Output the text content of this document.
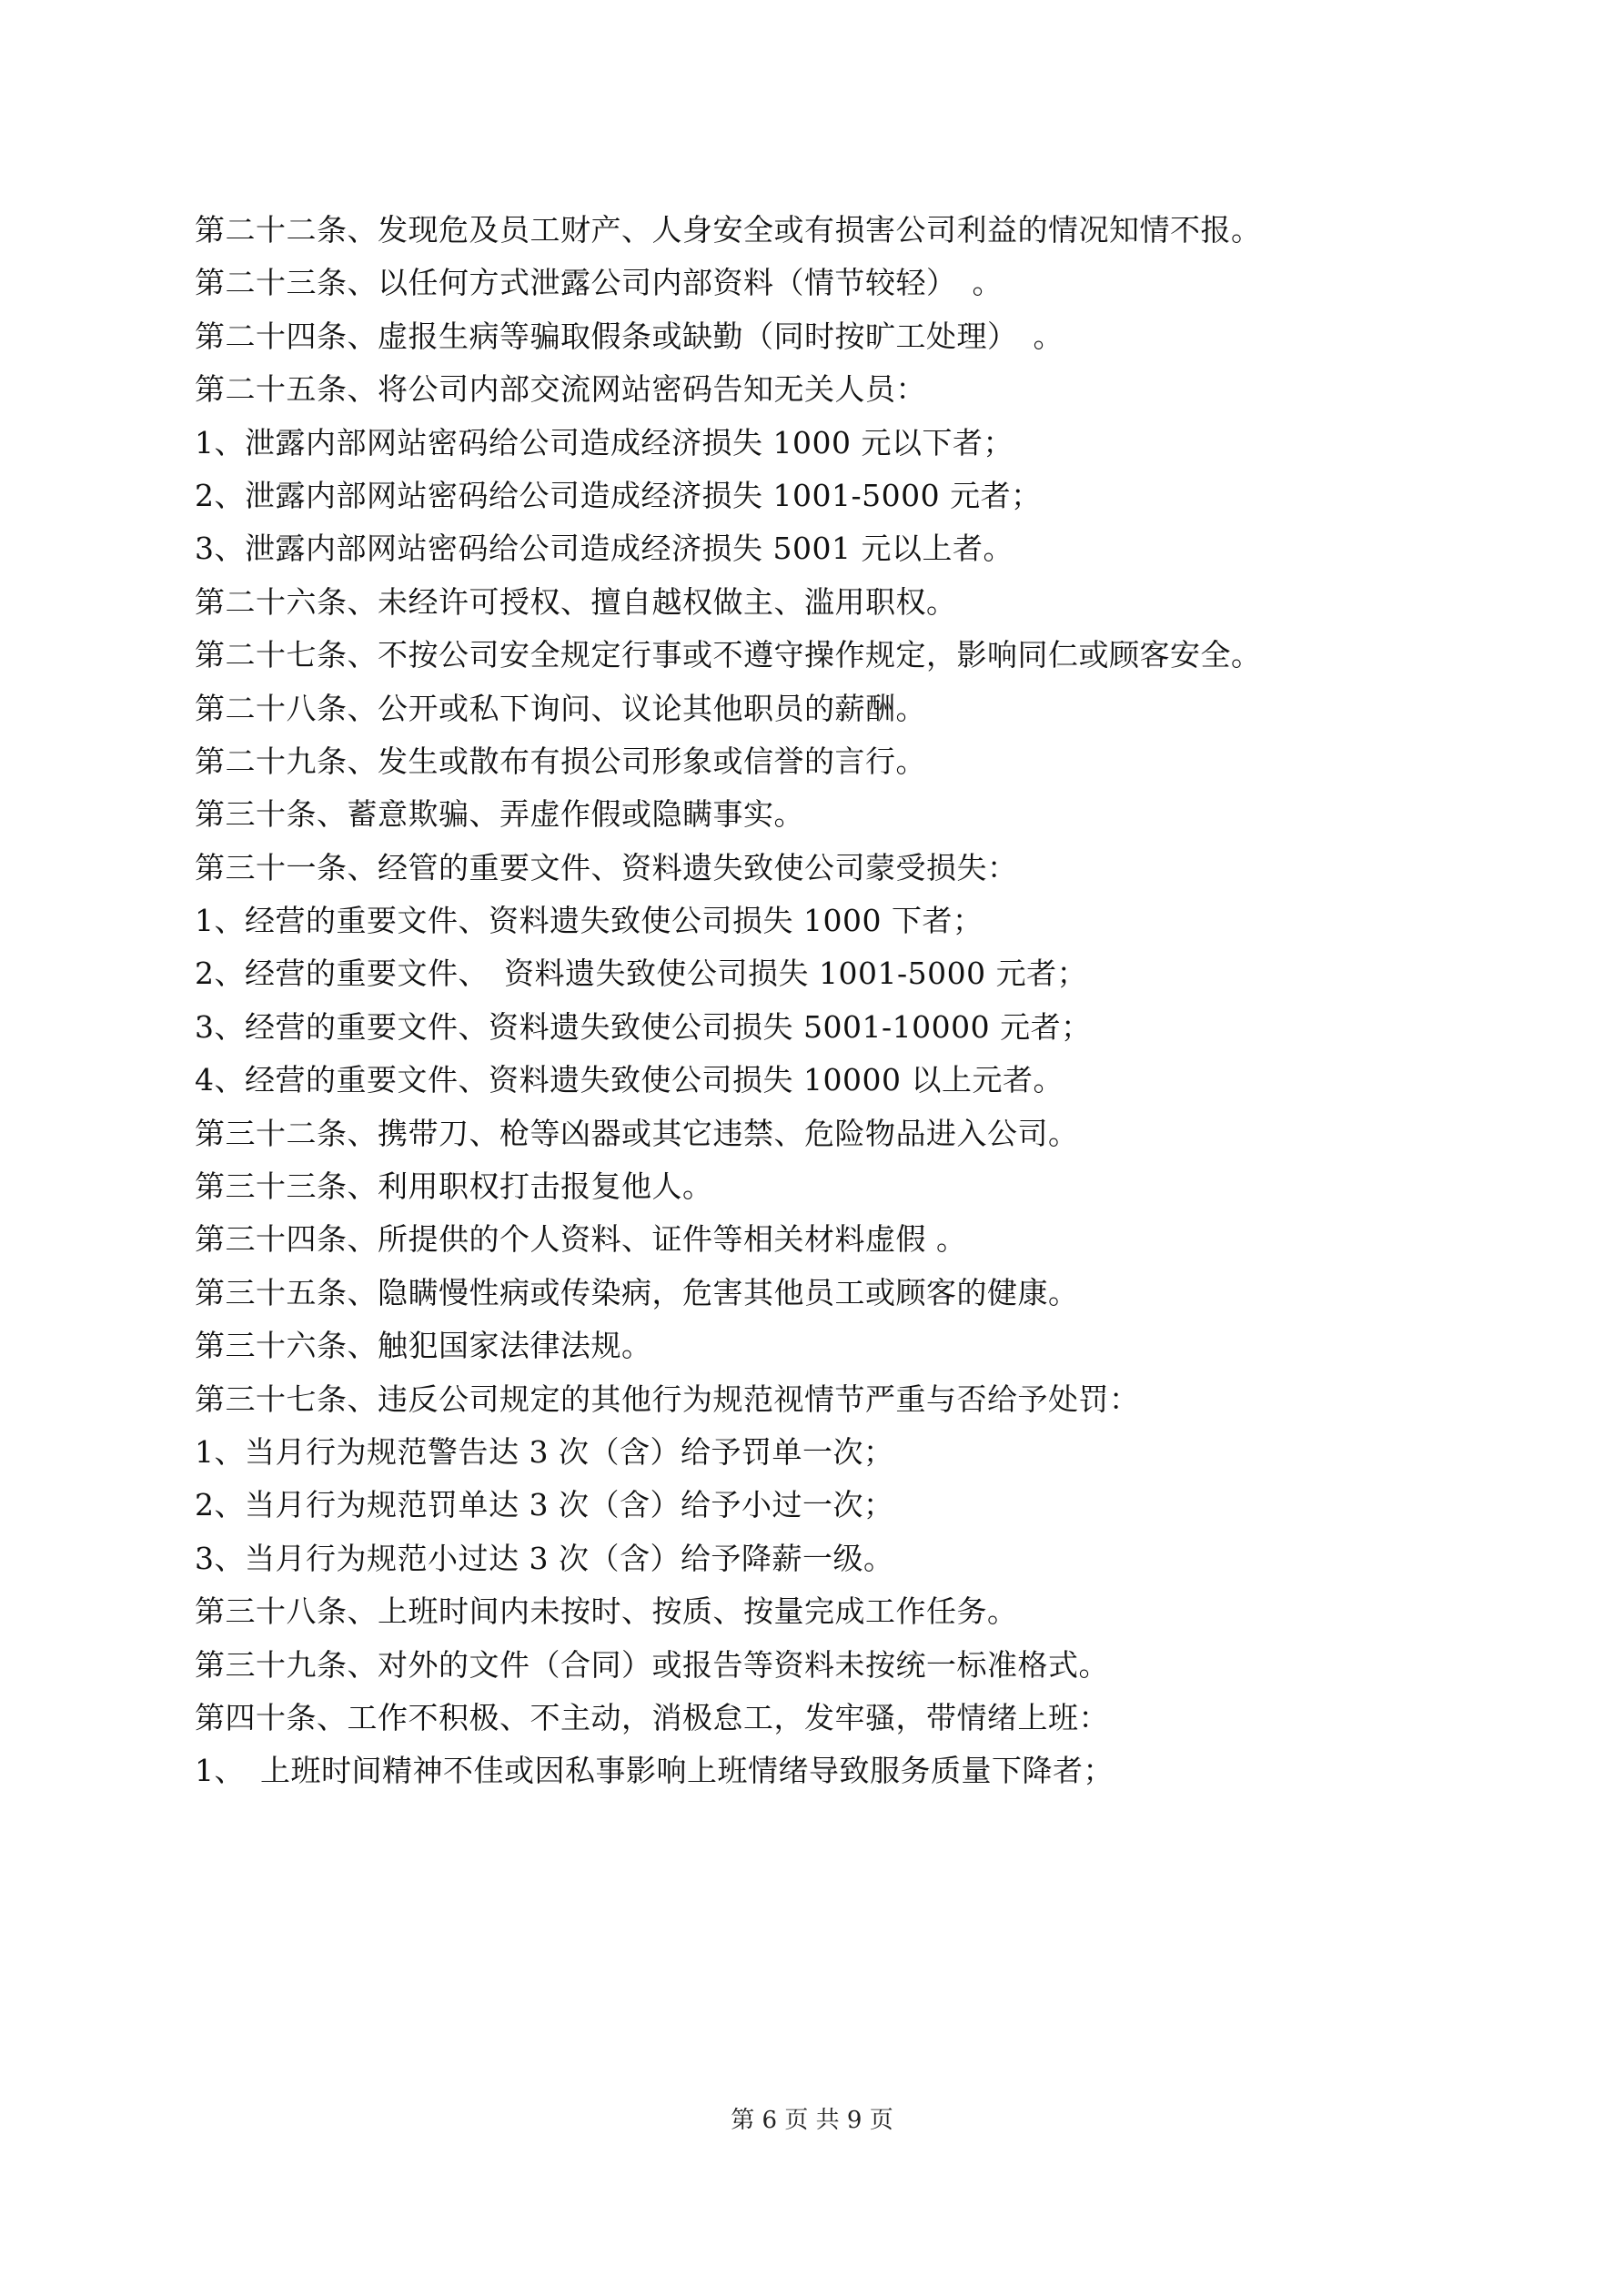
第二十二条、发现危及员工财产、人身安全或有损害公司利益的情况知情不报。
第二十三条、以任何方式泄露公司内部资料（情节较轻）　。
第二十四条、虚报生病等骗取假条或缺勤（同时按旷工处理）　。
第二十五条、将公司内部交流网站密码告知无关人员：
1、泄露内部网站密码给公司造成经济损失 1000 元以下者；
2、泄露内部网站密码给公司造成经济损失 1001-5000 元者；
3、泄露内部网站密码给公司造成经济损失 5001 元以上者。
第二十六条、未经许可授权、擅自越权做主、滥用职权。
第二十七条、不按公司安全规定行事或不遵守操作规定，影响同仁或顾客安全。
第二十八条、公开或私下询问、议论其他职员的薪酬。
第二十九条、发生或散布有损公司形象或信誉的言行。
第三十条、蓄意欺骗、弄虚作假或隐瞒事实。
第三十一条、经管的重要文件、资料遗失致使公司蒙受损失：
1、经营的重要文件、资料遗失致使公司损失 1000 下者；
2、经营的重要文件、　资料遗失致使公司损失 1001-5000 元者；
3、经营的重要文件、资料遗失致使公司损失 5001-10000 元者；
4、经营的重要文件、资料遗失致使公司损失 10000 以上元者。
第三十二条、携带刀、枪等凶器或其它违禁、危险物品进入公司。
第三十三条、利用职权打击报复他人。
第三十四条、所提供的个人资料、证件等相关材料虚假 。
第三十五条、隐瞒慢性病或传染病，危害其他员工或顾客的健康。
第三十六条、触犯国家法律法规。
第三十七条、违反公司规定的其他行为规范视情节严重与否给予处罚：
1、当月行为规范警告达 3 次（含）给予罚单一次；
2、当月行为规范罚单达 3 次（含）给予小过一次；
3、当月行为规范小过达 3 次（含）给予降薪一级。
第三十八条、上班时间内未按时、按质、按量完成工作任务。
第三十九条、对外的文件（合同）或报告等资料未按统一标准格式。
第四十条、工作不积极、不主动，消极怠工，发牢骚，带情绪上班：
1、　上班时间精神不佳或因私事影响上班情绪导致服务质量下降者；
第 6 页 共 9 页
